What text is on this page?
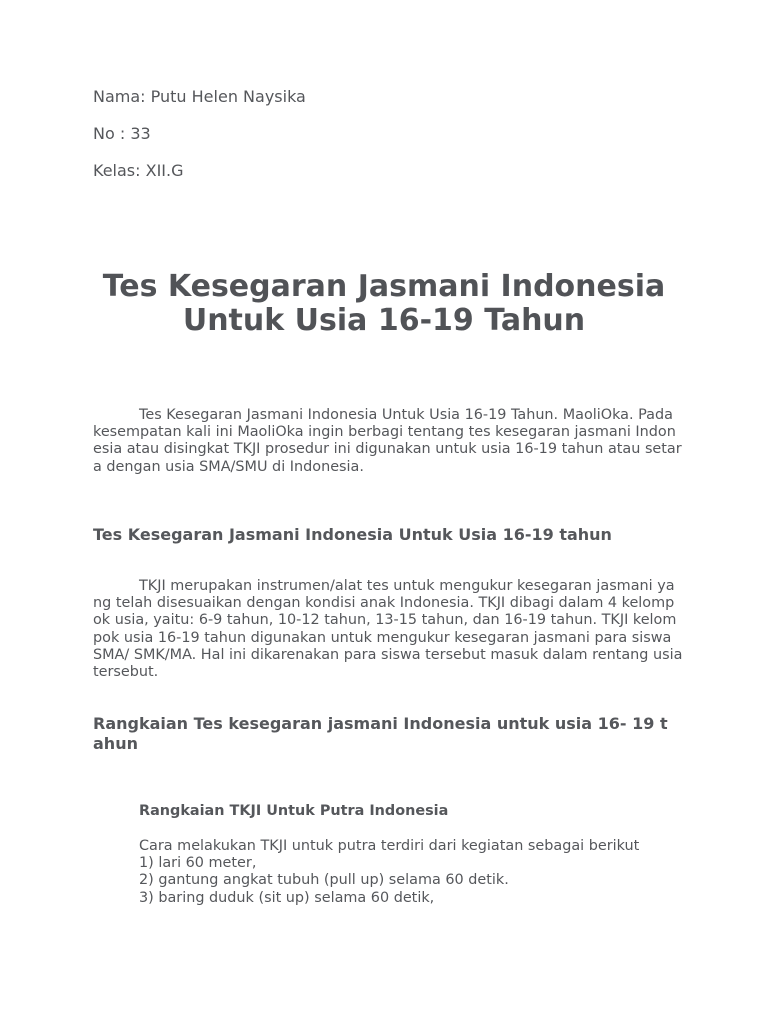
Nama: Putu Helen Naysika

No : 33

Kelas: XII.G

Tes Kesegaran Jasmani Indonesia Untuk Usia 16-19 Tahun

Tes Kesegaran Jasmani Indonesia Untuk Usia 16-19 Tahun. MaoliOka. Pada kesempatan kali ini MaoliOka ingin berbagi tentang tes kesegaran jasmani Indonesia atau disingkat TKJI prosedur ini digunakan untuk usia 16-19 tahun atau setara dengan usia SMA/SMU di Indonesia.

Tes Kesegaran Jasmani Indonesia Untuk Usia 16-19 tahun

TKJI merupakan instrumen/alat tes untuk mengukur kesegaran jasmani yang telah disesuaikan dengan kondisi anak Indonesia. TKJI dibagi dalam 4 kelompok usia, yaitu: 6-9 tahun, 10-12 tahun, 13-15 tahun, dan 16-19 tahun. TKJI kelompok usia 16-19 tahun digunakan untuk mengukur kesegaran jasmani para siswa SMA/ SMK/MA. Hal ini dikarenakan para siswa tersebut masuk dalam rentang usia tersebut.

Rangkaian Tes kesegaran jasmani Indonesia untuk usia 16- 19 tahun
Rangkaian TKJI Untuk Putra Indonesia
Cara melakukan TKJI untuk putra terdiri dari kegiatan sebagai berikut
1) lari 60 meter,
2) gantung angkat tubuh (pull up) selama 60 detik.
3) baring duduk (sit up) selama 60 detik,
